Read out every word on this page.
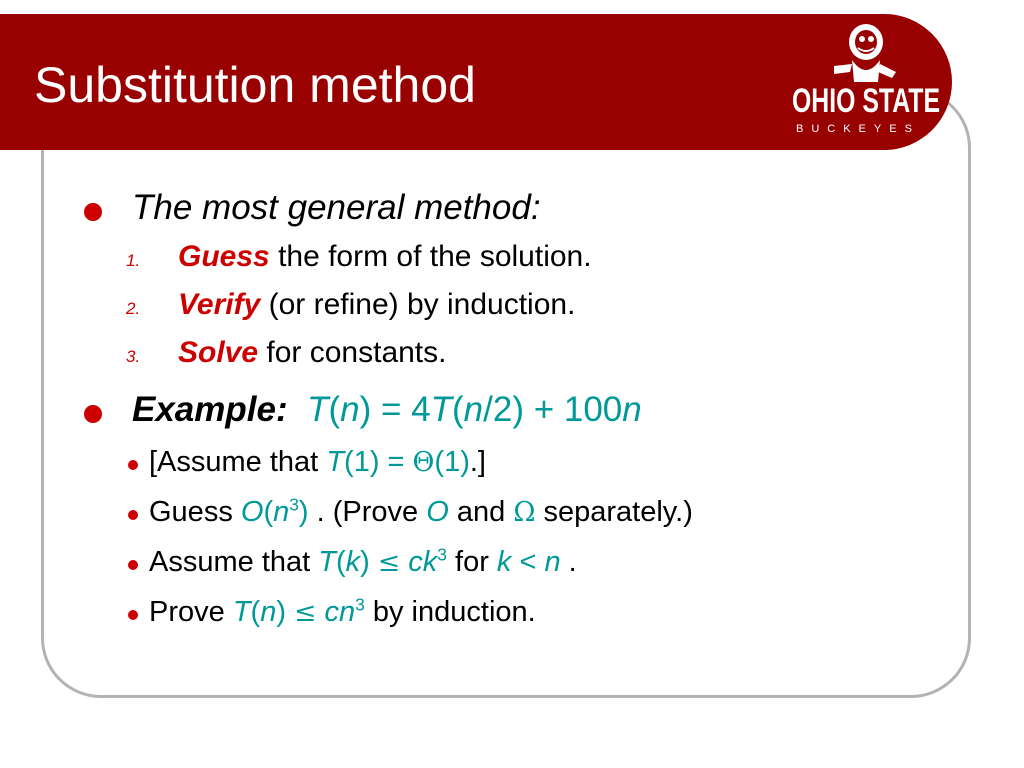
Substitution method	OHIO STATE
BUCKEYES TM
The most general method:
1. Guess the form of the solution.
2. Verify (or refine) by induction.
3. Solve for constants.
Example: T(n) = 4T(n/2) + 100n
[Assume that T(1) = Θ(1).]
Guess $O(n^3)$ . (Prove O and Ω separately.)
Assume that $T(k) \le ck^3$ for k < n .
Prove $T(n) \le cn^3$ by induction.
